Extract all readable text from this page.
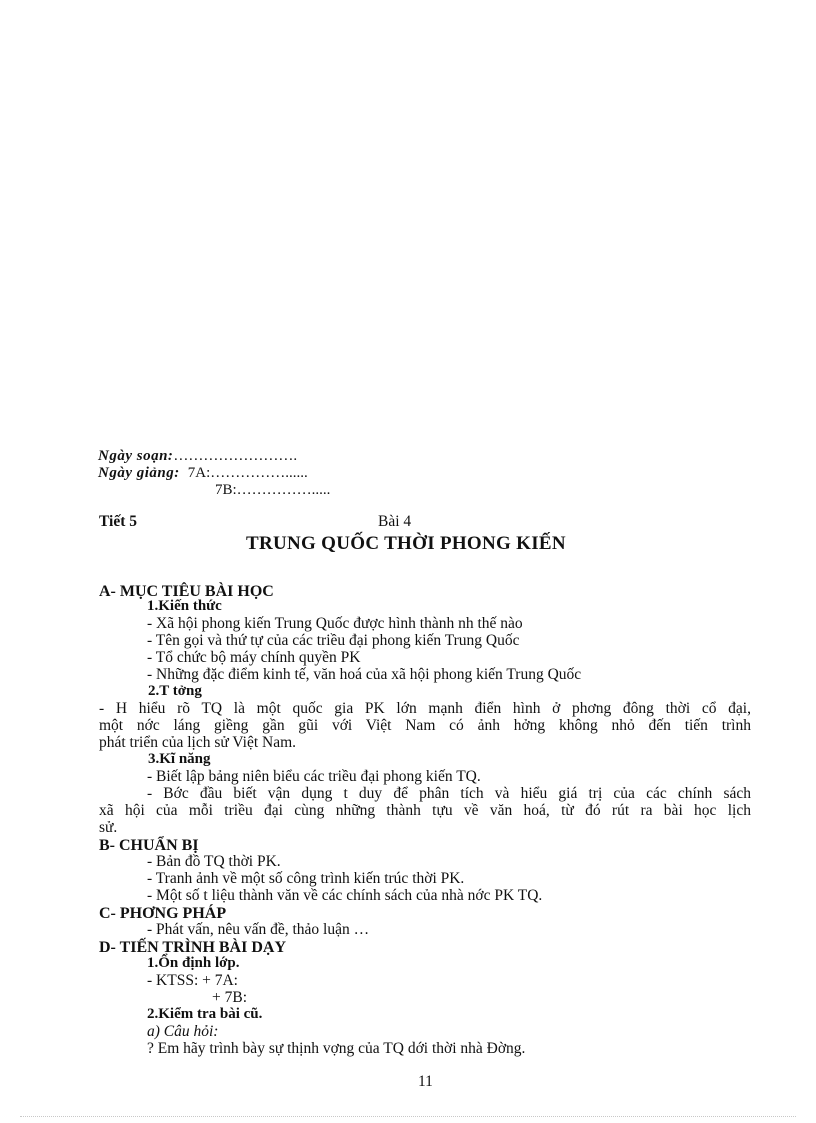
Ngày soạn:…………………….
Ngày giảng: 7A:……………......
7B:…………….....
Tiết 5	Bài 4
TRUNG QUỐC THỜI PHONG KIẾN
A- MỤC TIÊU BÀI HỌC
1.Kiến thức
- Xã hội phong kiến Trung Quốc được hình thành nh thế nào
- Tên gọi và thứ tự của các triều đại phong kiến Trung Quốc
- Tổ chức bộ máy chính quyền PK
- Những đặc điểm kinh tế, văn hoá của xã hội phong kiến Trung Quốc
2.T tởng
- H hiểu rõ TQ là một quốc gia PK lớn mạnh điển hình ở phơng đông thời cổ đại,
một nớc láng giềng gần gũi với Việt Nam có ảnh hởng không nhỏ đến tiến trình
phát triển của lịch sử Việt Nam.
3.Kĩ năng
- Biết lập bảng niên biểu các triều đại phong kiến TQ.
- Bớc đầu biết vận dụng t duy để phân tích và hiểu giá trị của các chính sách
xã hội của mỗi triều đại cùng những thành tựu về văn hoá, từ đó rút ra bài học lịch
sử.
B- CHUẨN BỊ
- Bản đồ TQ thời PK.
- Tranh ảnh về một số công trình kiến trúc thời PK.
- Một số t liệu thành văn về các chính sách của nhà nớc PK TQ.
C- PHƠNG PHÁP
- Phát vấn, nêu vấn đề, thảo luận …
D- TIẾN TRÌNH BÀI DẠY
1.Ổn định lớp.
- KTSS: + 7A:
+ 7B:
2.Kiểm tra bài cũ.
a) Câu hỏi:
? Em hãy trình bày sự thịnh vợng của TQ dới thời nhà Đờng.
11
